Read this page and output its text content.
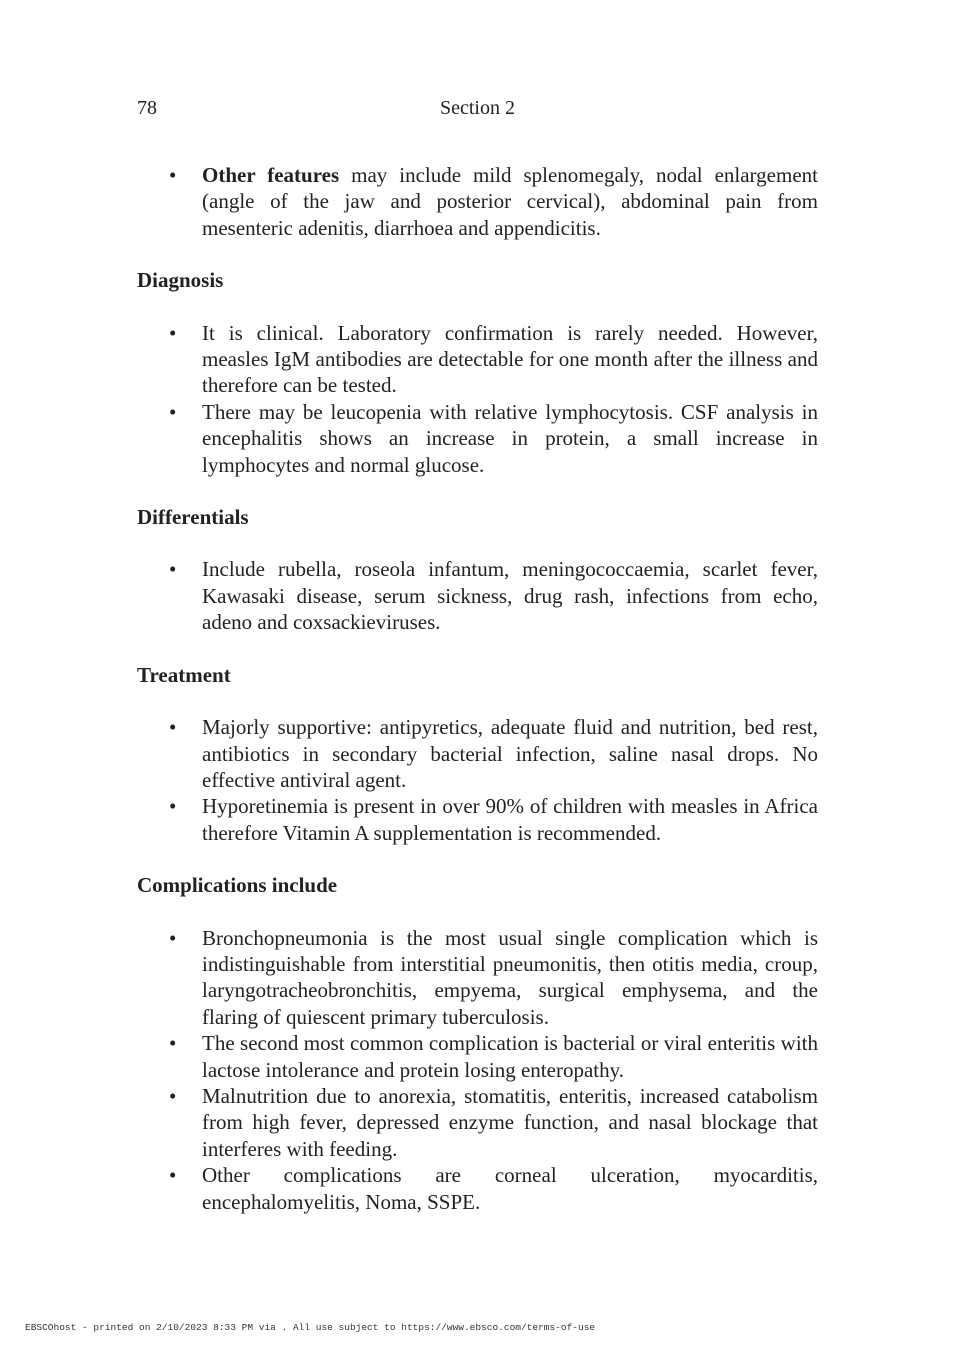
78	Section 2
• Other features may include mild splenomegaly, nodal enlargement (angle of the jaw and posterior cervical), abdominal pain from mesenteric adenitis, diarrhoea and appendicitis.
Diagnosis
• It is clinical. Laboratory confirmation is rarely needed. However, measles IgM antibodies are detectable for one month after the illness and therefore can be tested.
• There may be leucopenia with relative lymphocytosis. CSF analysis in encephalitis shows an increase in protein, a small increase in lymphocytes and normal glucose.
Differentials
• Include rubella, roseola infantum, meningococcaemia, scarlet fever, Kawasaki disease, serum sickness, drug rash, infections from echo, adeno and coxsackieviruses.
Treatment
• Majorly supportive: antipyretics, adequate fluid and nutrition, bed rest, antibiotics in secondary bacterial infection, saline nasal drops. No effective antiviral agent.
• Hyporetinemia is present in over 90% of children with measles in Africa therefore Vitamin A supplementation is recommended.
Complications include
• Bronchopneumonia is the most usual single complication which is indistinguishable from interstitial pneumonitis, then otitis media, croup, laryngotracheobronchitis, empyema, surgical emphysema, and the flaring of quiescent primary tuberculosis.
• The second most common complication is bacterial or viral enteritis with lactose intolerance and protein losing enteropathy.
• Malnutrition due to anorexia, stomatitis, enteritis, increased catabolism from high fever, depressed enzyme function, and nasal blockage that interferes with feeding.
• Other complications are corneal ulceration, myocarditis, encephalomyelitis, Noma, SSPE.
EBSCOhost - printed on 2/10/2023 8:33 PM via . All use subject to https://www.ebsco.com/terms-of-use
